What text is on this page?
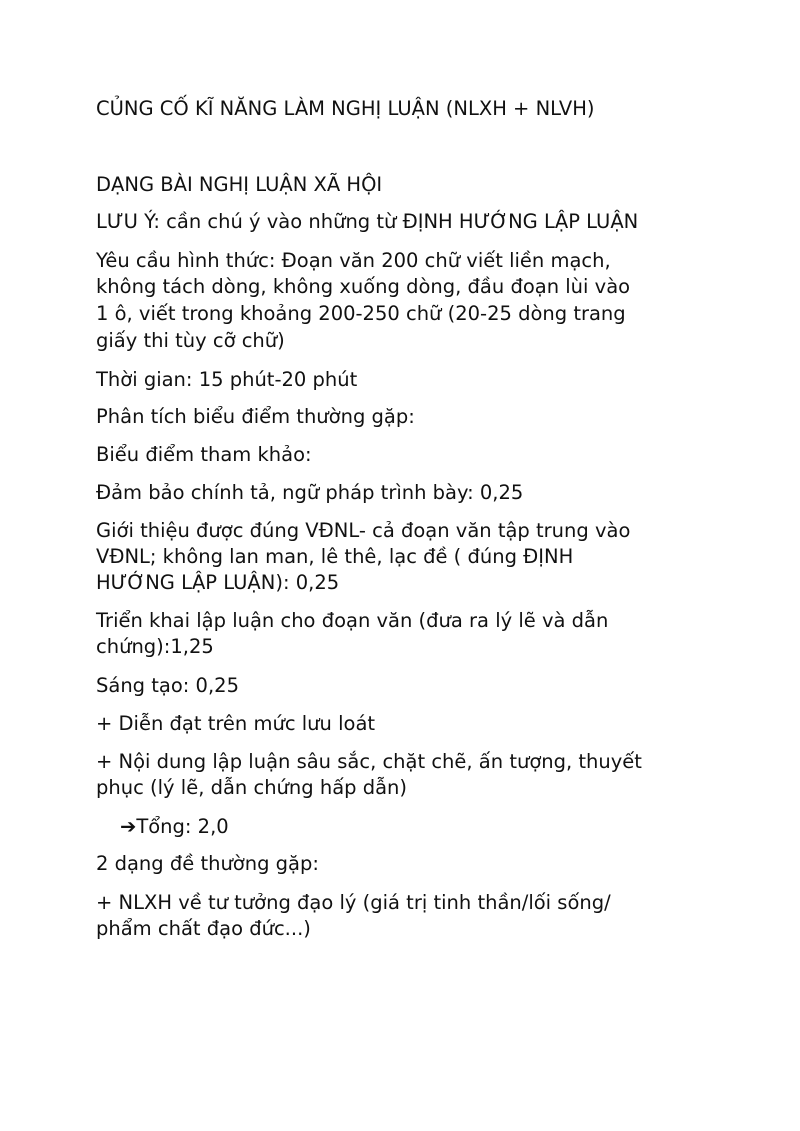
CỦNG CỐ KĨ NĂNG LÀM NGHỊ LUẬN (NLXH + NLVH)
DẠNG BÀI NGHỊ LUẬN XÃ HỘI
LƯU Ý: cần chú ý vào những từ ĐỊNH HƯỚNG LẬP LUẬN
Yêu cầu hình thức: Đoạn văn 200 chữ viết liền mạch,
không tách dòng, không xuống dòng, đầu đoạn lùi vào
1 ô, viết trong khoảng 200-250 chữ (20-25 dòng trang
giấy thi tùy cỡ chữ)
Thời gian: 15 phút-20 phút
Phân tích biểu điểm thường gặp:
Biểu điểm tham khảo:
Đảm bảo chính tả, ngữ pháp trình bày: 0,25
Giới thiệu được đúng VĐNL- cả đoạn văn tập trung vào
VĐNL; không lan man, lê thê, lạc đề ( đúng ĐỊNH
HƯỚNG LẬP LUẬN): 0,25
Triển khai lập luận cho đoạn văn (đưa ra lý lẽ và dẫn
chứng):1,25
Sáng tạo: 0,25
+ Diễn đạt trên mức lưu loát
+ Nội dung lập luận sâu sắc, chặt chẽ, ấn tượng, thuyết
phục (lý lẽ, dẫn chứng hấp dẫn)
➔Tổng: 2,0
2 dạng đề thường gặp:
+ NLXH về tư tưởng đạo lý (giá trị tinh thần/lối sống/
phẩm chất đạo đức...)
